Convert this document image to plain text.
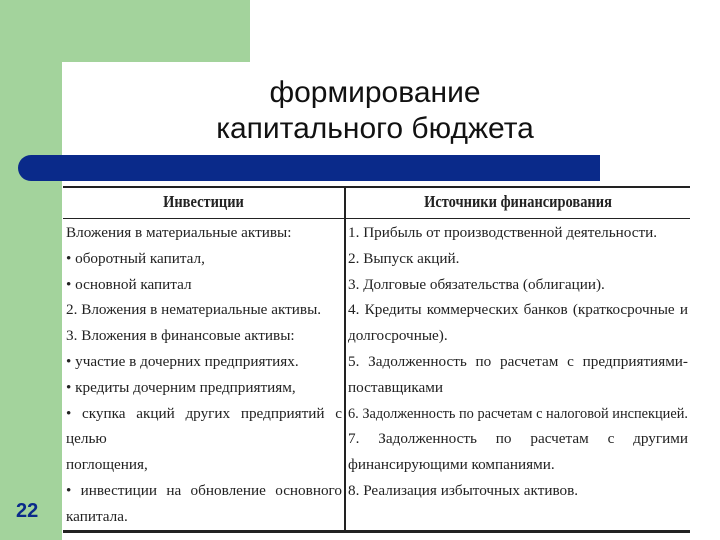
формирование
капитального бюджета
Инвестиции	Источники финансирования
Вложения в материальные активы:
• оборотный капитал,
• основной капитал
2. Вложения в нематериальные активы.
3. Вложения в финансовые активы:
• участие в дочерних предприятиях.
• кредиты дочерним предприятиям,
• скупка акций других предприятий с целью
поглощения,
• инвестиции на обновление основного
капитала.
1. Прибыль от производственной деятельности.
2. Выпуск акций.
3. Долговые обязательства (облигации).
4. Кредиты коммерческих банков (краткосрочные и
долгосрочные).
5. Задолженность по расчетам с предприятиями-
поставщиками
6. Задолженность по расчетам с налоговой инспекцией.
7. Задолженность по расчетам с другими
финансирующими компаниями.
8. Реализация избыточных активов.
22
